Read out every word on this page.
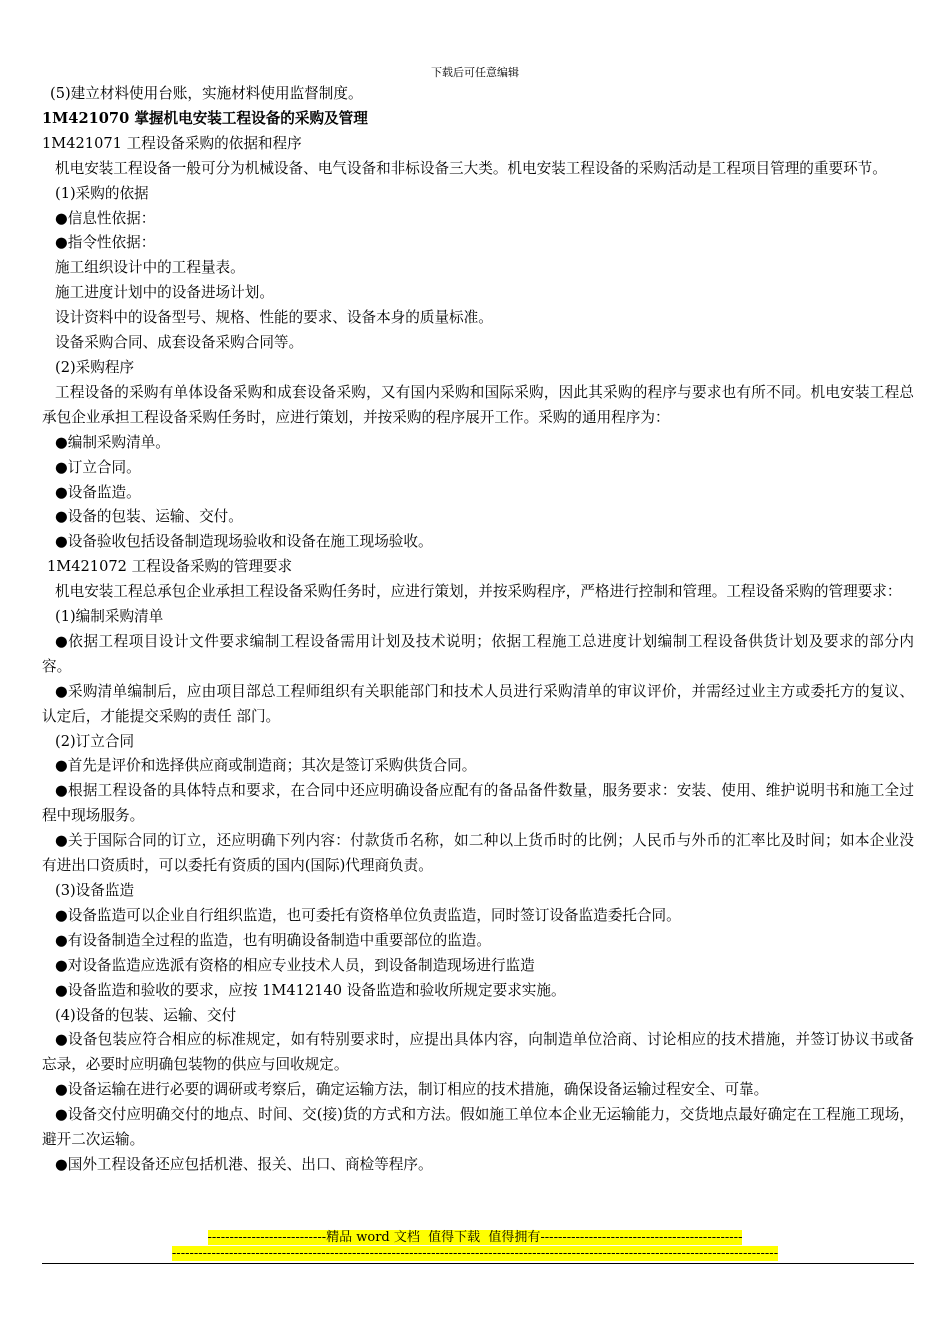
下载后可任意编辑

(5)建立材料使用台账，实施材料使用监督制度。

1M421070 掌握机电安装工程设备的采购及管理

1M421071 工程设备采购的依据和程序

机电安装工程设备一般可分为机械设备、电气设备和非标设备三大类。机电安装工程设备的采购活动是工程项目管理的重要环节。

(1)采购的依据

●信息性依据：

●指令性依据：

施工组织设计中的工程量表。

施工进度计划中的设备进场计划。

设计资料中的设备型号、规格、性能的要求、设备本身的质量标准。

设备采购合同、成套设备采购合同等。

(2)采购程序

工程设备的采购有单体设备采购和成套设备采购，又有国内采购和国际采购，因此其采购的程序与要求也有所不同。机电安装工程总承包企业承担工程设备采购任务时，应进行策划，并按采购的程序展开工作。采购的通用程序为：

●编制采购清单。

●订立合同。

●设备监造。

●设备的包装、运输、交付。

●设备验收包括设备制造现场验收和设备在施工现场验收。

1M421072 工程设备采购的管理要求

机电安装工程总承包企业承担工程设备采购任务时，应进行策划，并按采购程序，严格进行控制和管理。工程设备采购的管理要求：

(1)编制采购清单

●依据工程项目设计文件要求编制工程设备需用计划及技术说明；依据工程施工总进度计划编制工程设备供货计划及要求的部分内容。

●采购清单编制后，应由项目部总工程师组织有关职能部门和技术人员进行采购清单的审议评价，并需经过业主方或委托方的复议、认定后，才能提交采购的责任 部门。

(2)订立合同

●首先是评价和选择供应商或制造商；其次是签订采购供货合同。

●根据工程设备的具体特点和要求，在合同中还应明确设备应配有的备品备件数量，服务要求：安装、使用、维护说明书和施工全过程中现场服务。

●关于国际合同的订立，还应明确下列内容：付款货币名称，如二种以上货币时的比例；人民币与外币的汇率比及时间；如本企业没有进出口资质时，可以委托有资质的国内(国际)代理商负责。

(3)设备监造

●设备监造可以企业自行组织监造，也可委托有资格单位负责监造，同时签订设备监造委托合同。

●有设备制造全过程的监造，也有明确设备制造中重要部位的监造。

●对设备监造应选派有资格的相应专业技术人员，到设备制造现场进行监造

●设备监造和验收的要求，应按 1M412140 设备监造和验收所规定要求实施。

(4)设备的包装、运输、交付

●设备包装应符合相应的标准规定，如有特别要求时，应提出具体内容，向制造单位洽商、讨论相应的技术措施，并签订协议书或备忘录，必要时应明确包装物的供应与回收规定。

●设备运输在进行必要的调研或考察后，确定运输方法，制订相应的技术措施，确保设备运输过程安全、可靠。

●设备交付应明确交付的地点、时间、交(接)货的方式和方法。假如施工单位本企业无运输能力，交货地点最好确定在工程施工现场，避开二次运输。

●国外工程设备还应包括机港、报关、出口、商检等程序。

---------------------------精品 word 文档  值得下载  值得拥有----------------------------------------------
------------------------------------------------------------------------------------------------------------------------------------------
